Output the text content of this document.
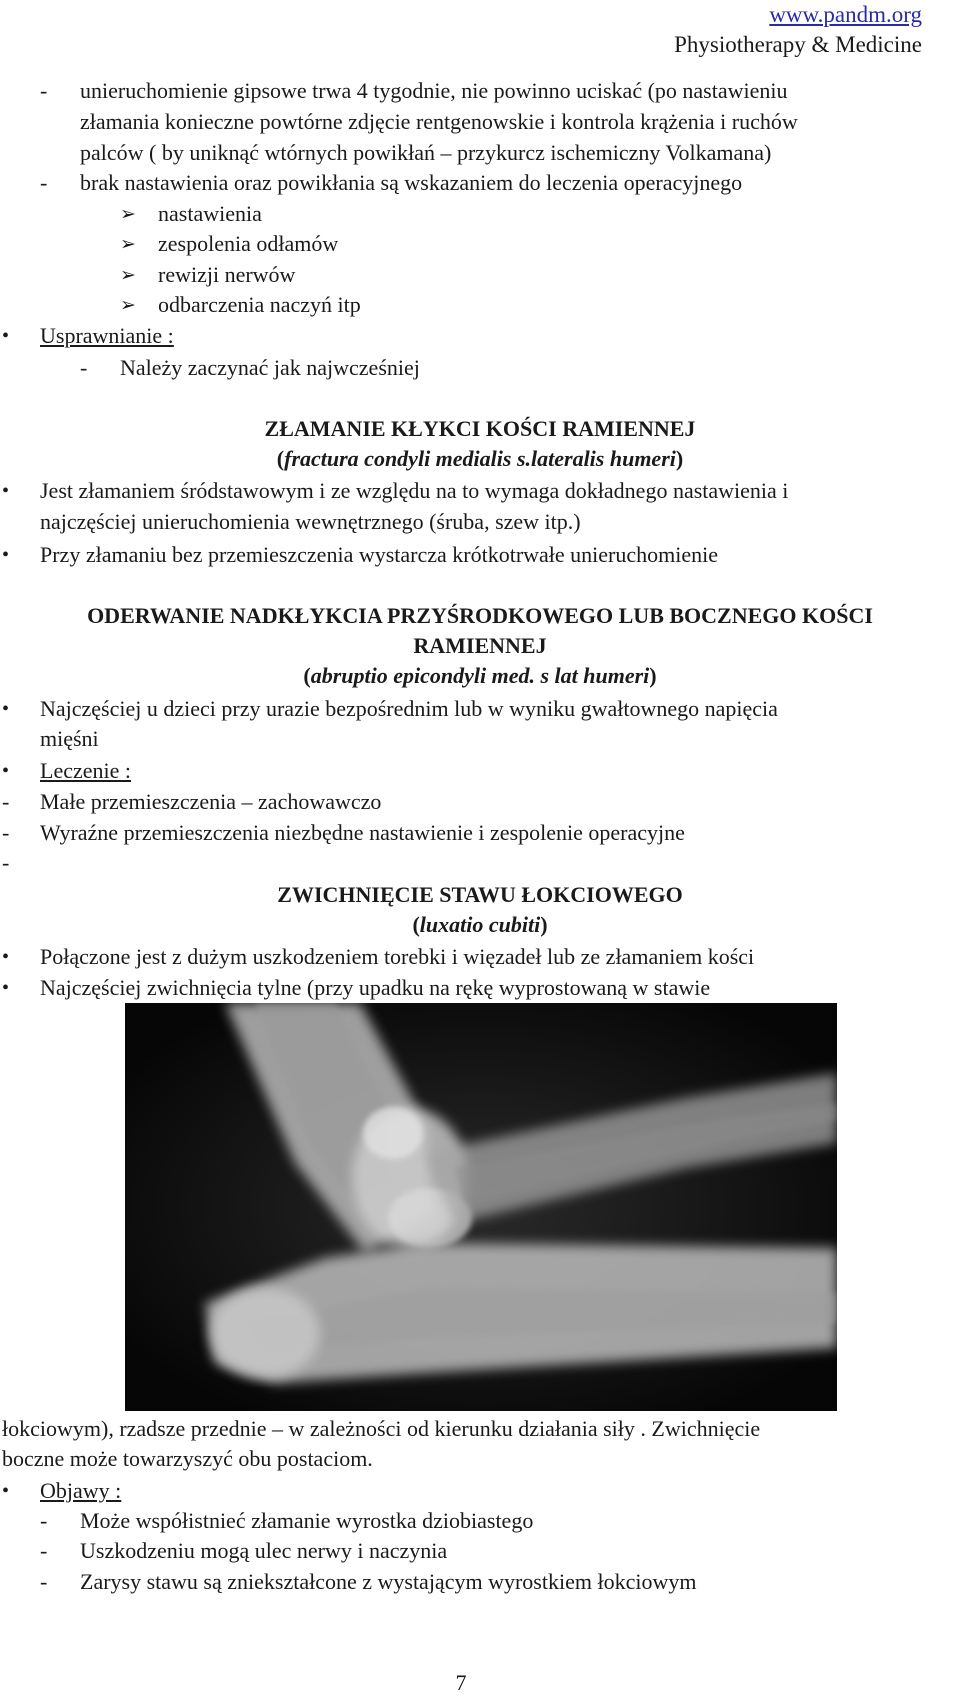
www.pandm.org
Physiotherapy & Medicine
- unieruchomienie gipsowe trwa 4 tygodnie, nie powinno uciskać (po nastawieniu
złamania konieczne powtórne zdjęcie rentgenowskie i kontrola krążenia i ruchów
palców ( by uniknąć wtórnych powikłań – przykurcz ischemiczny Volkamana)
- brak nastawienia oraz powikłania są wskazaniem do leczenia operacyjnego
➢ nastawienia
➢ zespolenia odłamów
➢ rewizji nerwów
➢ odbarczenia naczyń itp
• Usprawnianie :
- Należy zaczynać jak najwcześniej
ZŁAMANIE KŁYKCI KOŚCI RAMIENNEJ
(fractura condyli medialis s.lateralis humeri)
• Jest złamaniem śródstawowym i ze względu na to wymaga dokładnego nastawienia i
najczęściej unieruchomienia wewnętrznego (śruba, szew itp.)
• Przy złamaniu bez przemieszczenia wystarcza krótkotrwałe unieruchomienie
ODERWANIE NADKŁYKCIA PRZYŚRODKOWEGO LUB BOCZNEGO KOŚCI
RAMIENNEJ
(abruptio epicondyli med. s lat humeri)
• Najczęściej u dzieci przy urazie bezpośrednim lub w wyniku gwałtownego napięcia
mięśni
• Leczenie :
- Małe przemieszczenia – zachowawczo
- Wyraźne przemieszczenia niezbędne nastawienie i zespolenie operacyjne
-
ZWICHNIĘCIE STAWU ŁOKCIOWEGO
(luxatio cubiti)
• Połączone jest z dużym uszkodzeniem torebki i więzadeł lub ze złamaniem kości
• Najczęściej zwichnięcia tylne (przy upadku na rękę wyprostowaną w stawie
łokciowym), rzadsze przednie – w zależności od kierunku działania siły . Zwichnięcie
boczne może towarzyszyć obu postaciom.
• Objawy :
- Może współistnieć złamanie wyrostka dziobiastego
- Uszkodzeniu mogą ulec nerwy i naczynia
- Zarysy stawu są zniekształcone z wystającym wyrostkiem łokciowym
7
